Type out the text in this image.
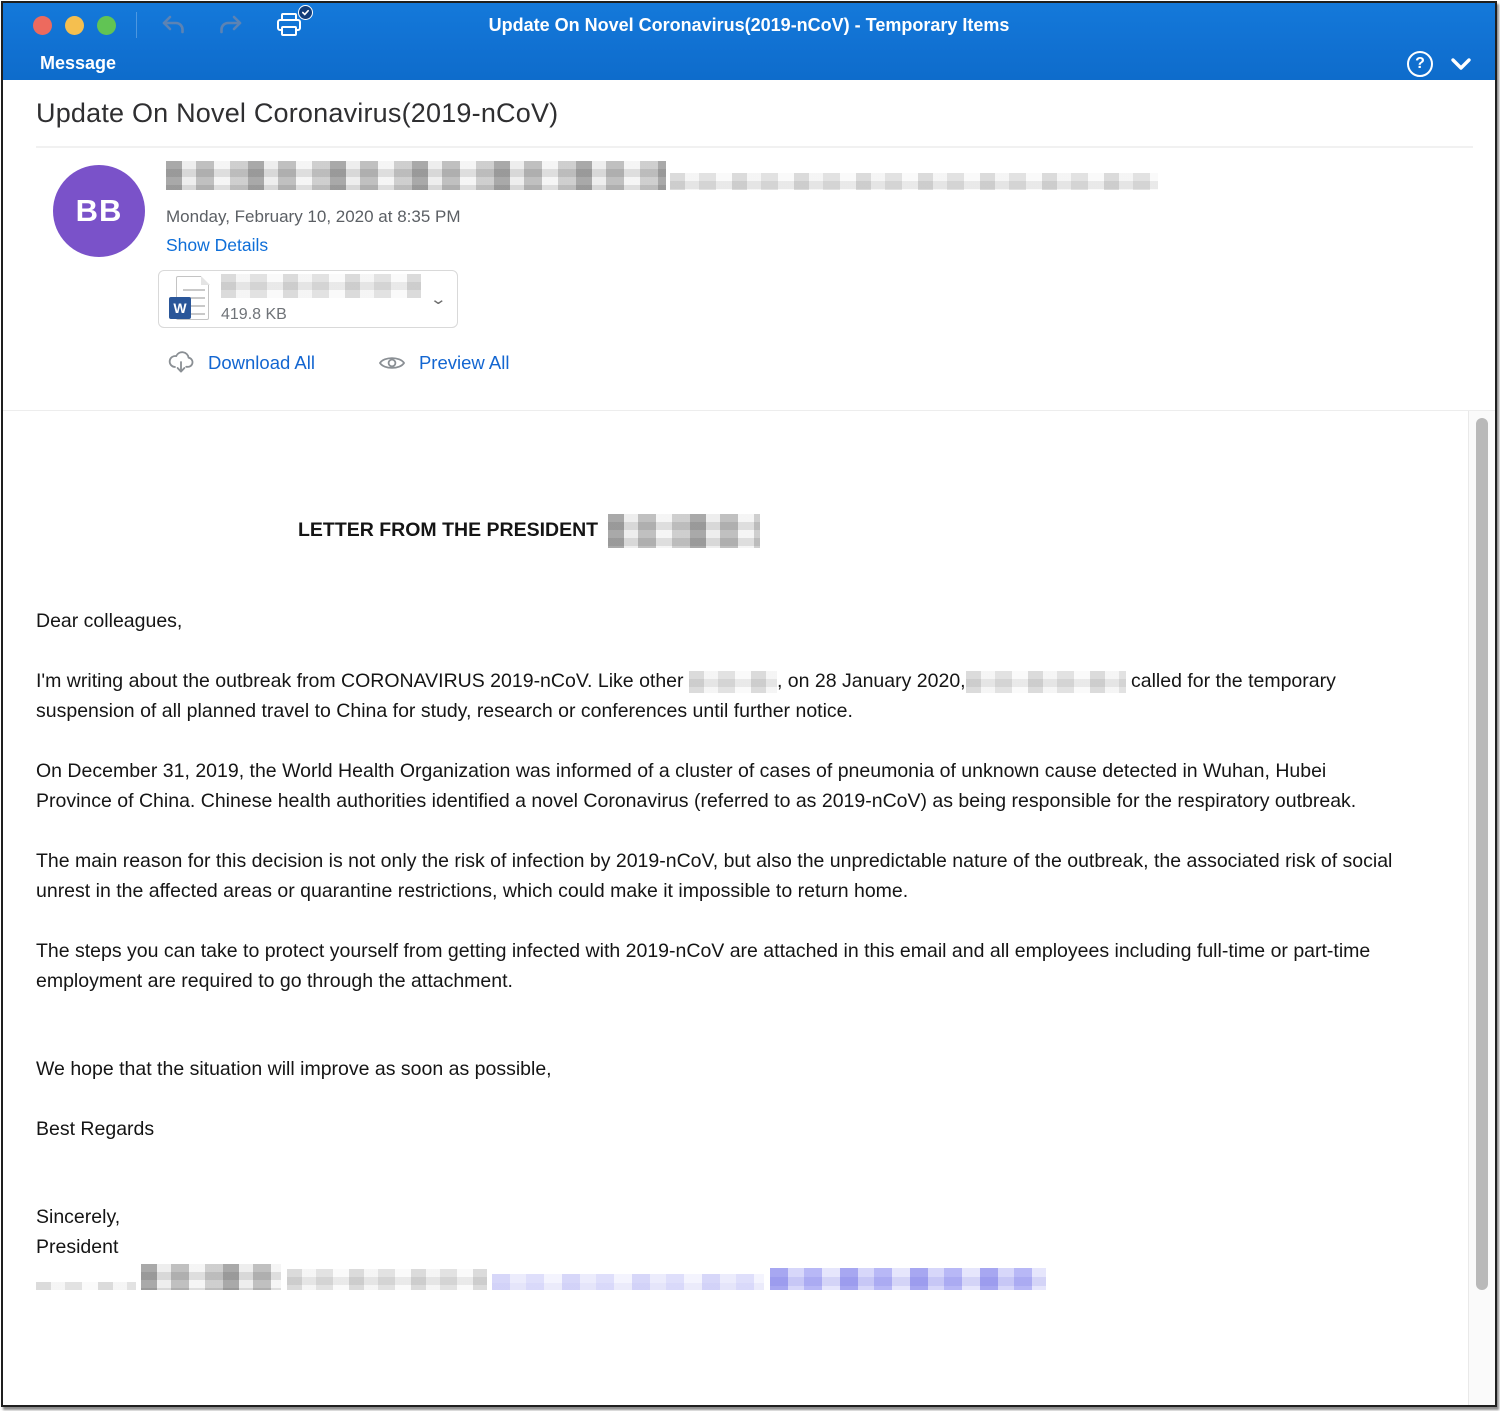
Update On Novel Coronavirus(2019-nCoV) - Temporary Items
Message	?
Update On Novel Coronavirus(2019-nCoV)
BB
	Monday, February 10, 2020 at 8:35 PM
Show Details
W 419.8 KB
⌄
Download All	Preview All
LETTER FROM THE PRESIDENT
Dear colleagues,
I'm writing about the outbreak from CORONAVIRUS 2019-nCoV. Like other	, on 28 January 2020,	called for the temporary suspension of all planned travel to China for study, research or conferences until further notice.
On December 31, 2019, the World Health Organization was informed of a cluster of cases of pneumonia of unknown cause detected in Wuhan, Hubei Province of China. Chinese health authorities identified a novel Coronavirus (referred to as 2019-nCoV) as being responsible for the respiratory outbreak.
The main reason for this decision is not only the risk of infection by 2019-nCoV, but also the unpredictable nature of the outbreak, the associated risk of social unrest in the affected areas or quarantine restrictions, which could make it impossible to return home.
The steps you can take to protect yourself from getting infected with 2019-nCoV are attached in this email and all employees including full-time or part-time employment are required to go through the attachment.
We hope that the situation will improve as soon as possible,
Best Regards
Sincerely,
President
